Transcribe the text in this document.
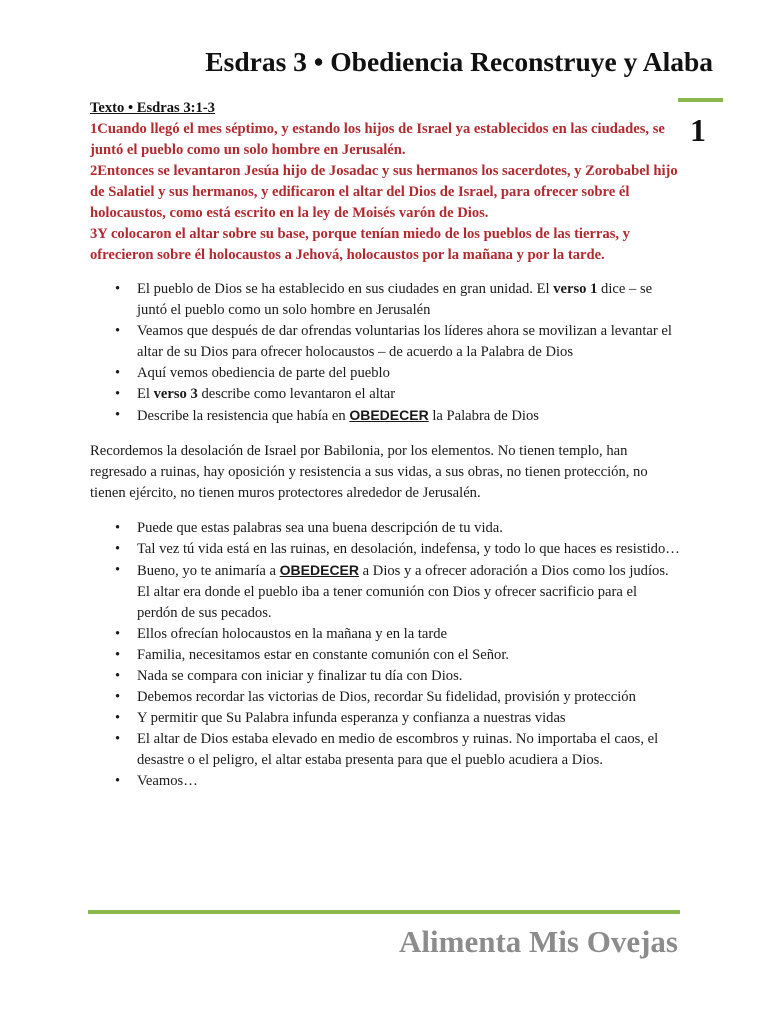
Esdras 3 • Obediencia Reconstruye y Alaba
1
Texto • Esdras 3:1-3
1Cuando llegó el mes séptimo, y estando los hijos de Israel ya establecidos en las ciudades, se juntó el pueblo como un solo hombre en Jerusalén.
2Entonces se levantaron Jesúa hijo de Josadac y sus hermanos los sacerdotes, y Zorobabel hijo de Salatiel y sus hermanos, y edificaron el altar del Dios de Israel, para ofrecer sobre él holocaustos, como está escrito en la ley de Moisés varón de Dios.
3Y colocaron el altar sobre su base, porque tenían miedo de los pueblos de las tierras, y ofrecieron sobre él holocaustos a Jehová, holocaustos por la mañana y por la tarde.
• El pueblo de Dios se ha establecido en sus ciudades en gran unidad. El verso 1 dice – se juntó el pueblo como un solo hombre en Jerusalén
• Veamos que después de dar ofrendas voluntarias los líderes ahora se movilizan a levantar el altar de su Dios para ofrecer holocaustos – de acuerdo a la Palabra de Dios
• Aquí vemos obediencia de parte del pueblo
• El verso 3 describe como levantaron el altar
• Describe la resistencia que había en OBEDECER la Palabra de Dios

Recordemos la desolación de Israel por Babilonia, por los elementos. No tienen templo, han regresado a ruinas, hay oposición y resistencia a sus vidas, a sus obras, no tienen protección, no tienen ejército, no tienen muros protectores alrededor de Jerusalén.

• Puede que estas palabras sea una buena descripción de tu vida.
• Tal vez tú vida está en las ruinas, en desolación, indefensa, y todo lo que haces es resistido…
• Bueno, yo te animaría a OBEDECER a Dios y a ofrecer adoración a Dios como los judíos. El altar era donde el pueblo iba a tener comunión con Dios y ofrecer sacrificio para el perdón de sus pecados.
• Ellos ofrecían holocaustos en la mañana y en la tarde
• Familia, necesitamos estar en constante comunión con el Señor.
• Nada se compara con iniciar y finalizar tu día con Dios.
• Debemos recordar las victorias de Dios, recordar Su fidelidad, provisión y protección
• Y permitir que Su Palabra infunda esperanza y confianza a nuestras vidas
• El altar de Dios estaba elevado en medio de escombros y ruinas. No importaba el caos, el desastre o el peligro, el altar estaba presenta para que el pueblo acudiera a Dios.
• Veamos…
Alimenta Mis Ovejas
